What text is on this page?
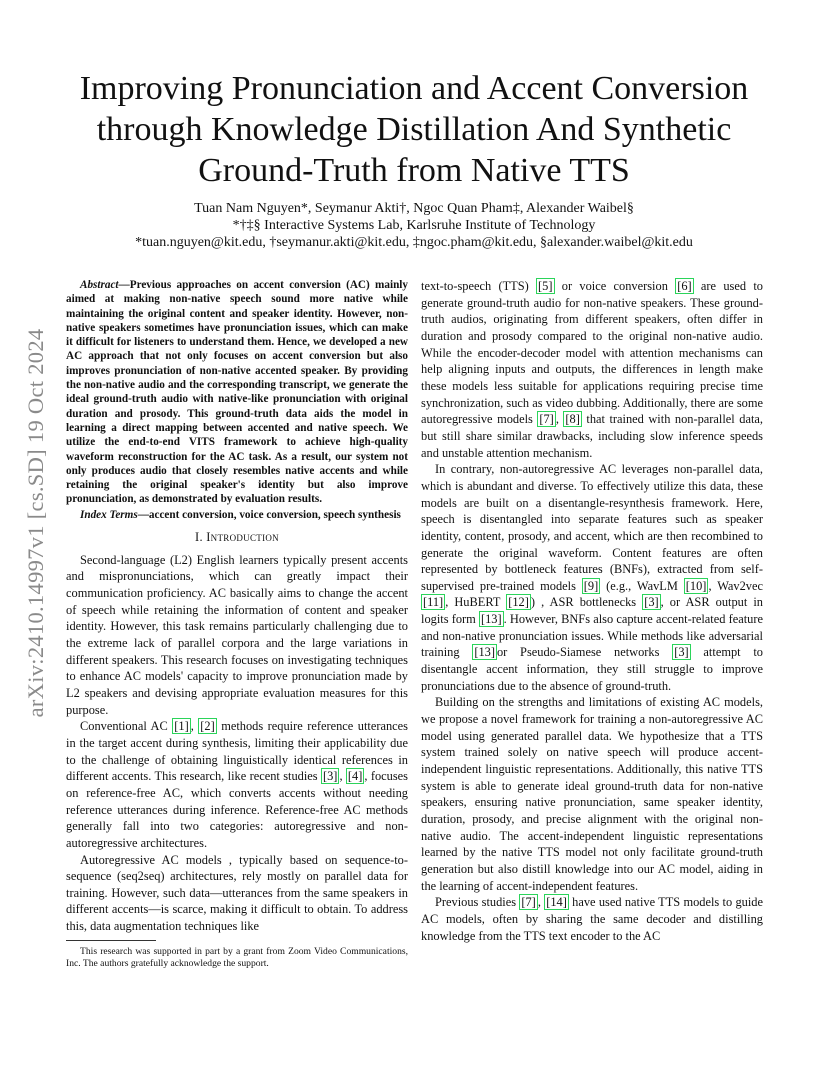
arXiv:2410.14997v1 [cs.SD] 19 Oct 2024
Improving Pronunciation and Accent Conversion through Knowledge Distillation And Synthetic Ground-Truth from Native TTS
Tuan Nam Nguyen*, Seymanur Akti†, Ngoc Quan Pham‡, Alexander Waibel§
*†‡§ Interactive Systems Lab, Karlsruhe Institute of Technology
*tuan.nguyen@kit.edu, †seymanur.akti@kit.edu, ‡ngoc.pham@kit.edu, §alexander.waibel@kit.edu

Abstract—Previous approaches on accent conversion (AC) mainly aimed at making non-native speech sound more native while maintaining the original content and speaker identity. However, non-native speakers sometimes have pronunciation issues, which can make it difficult for listeners to understand them. Hence, we developed a new AC approach that not only focuses on accent conversion but also improves pronunciation of non-native accented speaker. By providing the non-native audio and the corresponding transcript, we generate the ideal ground-truth audio with native-like pronunciation with original duration and prosody. This ground-truth data aids the model in learning a direct mapping between accented and native speech. We utilize the end-to-end VITS framework to achieve high-quality waveform reconstruction for the AC task. As a result, our system not only produces audio that closely resembles native accents and while retaining the original speaker's identity but also improve pronunciation, as demonstrated by evaluation results.

Index Terms—accent conversion, voice conversion, speech synthesis

I. Introduction

Second-language (L2) English learners typically present accents and mispronunciations, which can greatly impact their communication proficiency. AC basically aims to change the accent of speech while retaining the information of content and speaker identity. However, this task remains particularly challenging due to the extreme lack of parallel corpora and the large variations in different speakers. This research focuses on investigating techniques to enhance AC models' capacity to improve pronunciation made by L2 speakers and devising appropriate evaluation measures for this purpose.

Conventional AC [1] , [2] methods require reference utterances in the target accent during synthesis, limiting their applicability due to the challenge of obtaining linguistically identical references in different accents. This research, like recent studies [3] , [4] , focuses on reference-free AC, which converts accents without needing reference utterances during inference. Reference-free AC methods generally fall into two categories: autoregressive and non-autoregressive architectures.

Autoregressive AC models , typically based on sequence-to-sequence (seq2seq) architectures, rely mostly on parallel data for training. However, such data—utterances from the same speakers in different accents—is scarce, making it difficult to obtain. To address this, data augmentation techniques like

This research was supported in part by a grant from Zoom Video Communications, Inc. The authors gratefully acknowledge the support.

text-to-speech (TTS) [5] or voice conversion [6] are used to generate ground-truth audio for non-native speakers. These ground-truth audios, originating from different speakers, often differ in duration and prosody compared to the original non-native audio. While the encoder-decoder model with attention mechanisms can help aligning inputs and outputs, the differences in length make these models less suitable for applications requiring precise time synchronization, such as video dubbing. Additionally, there are some autoregressive models [7] , [8] that trained with non-parallel data, but still share similar drawbacks, including slow inference speeds and unstable attention mechanism.

In contrary, non-autoregressive AC leverages non-parallel data, which is abundant and diverse. To effectively utilize this data, these models are built on a disentangle-resynthesis framework. Here, speech is disentangled into separate features such as speaker identity, content, prosody, and accent, which are then recombined to generate the original waveform. Content features are often represented by bottleneck features (BNFs), extracted from self-supervised pre-trained models [9] (e.g., WavLM [10] , Wav2vec [11] , HuBERT [12] ) , ASR bottlenecks [3] , or ASR output in logits form [13] . However, BNFs also capture accent-related feature and non-native pronunciation issues. While methods like adversarial training [13] or Pseudo-Siamese networks [3] attempt to disentangle accent information, they still struggle to improve pronunciations due to the absence of ground-truth.

Building on the strengths and limitations of existing AC models, we propose a novel framework for training a non-autoregressive AC model using generated parallel data. We hypothesize that a TTS system trained solely on native speech will produce accent-independent linguistic representations. Additionally, this native TTS system is able to generate ideal ground-truth data for non-native speakers, ensuring native pronunciation, same speaker identity, duration, prosody, and precise alignment with the original non-native audio. The accent-independent linguistic representations learned by the native TTS model not only facilitate ground-truth generation but also distill knowledge into our AC model, aiding in the learning of accent-independent features.

Previous studies [7] , [14] have used native TTS models to guide AC models, often by sharing the same decoder and distilling knowledge from the TTS text encoder to the AC
